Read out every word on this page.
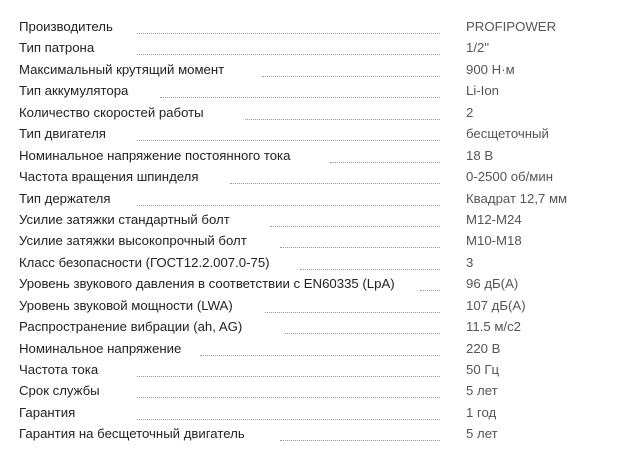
Производитель	PROFIPOWER
Тип патрона	1/2"
Максимальный крутящий момент	900 Н·м
Тип аккумулятора	Li-Ion
Количество скоростей работы	2
Тип двигателя	бесщеточный
Номинальное напряжение постоянного тока	18 В
Частота вращения шпинделя	0-2500 об/мин
Тип держателя	Квадрат 12,7 мм
Усилие затяжки стандартный болт	M12-M24
Усилие затяжки высокопрочный болт	M10-M18
Класс безопасности (ГОСТ12.2.007.0-75)	3
Уровень звукового давления в соответствии с EN60335 (LpA)	96 дБ(А)
Уровень звуковой мощности (LWA)	107 дБ(А)
Распространение вибрации (ah, AG)	11.5 м/с2
Номинальное напряжение	220 В
Частота тока	50 Гц
Срок службы	5 лет
Гарантия	1 год
Гарантия на бесщеточный двигатель	5 лет
